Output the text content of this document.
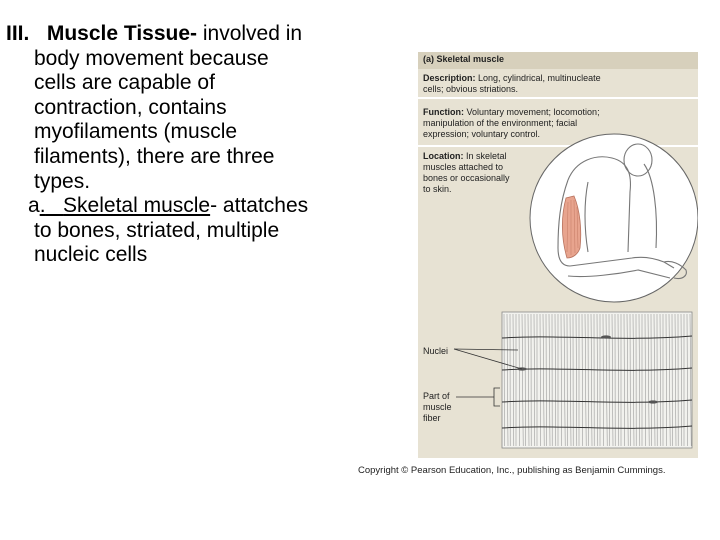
III. Muscle Tissue- involved in
body movement because
cells are capable of
contraction, contains
myofilaments (muscle
filaments), there are three
types.
a. Skeletal muscle- attatches
to bones, striated, multiple
nucleic cells
(a) Skeletal muscle
Description: Long, cylindrical, multinucleate
cells; obvious striations.
Function: Voluntary movement; locomotion;
manipulation of the environment; facial
expression; voluntary control.
Location: In skeletal
muscles attached to
bones or occasionally
to skin.
Nuclei
Part of
muscle
fiber
Copyright © Pearson Education, Inc., publishing as Benjamin Cummings.
